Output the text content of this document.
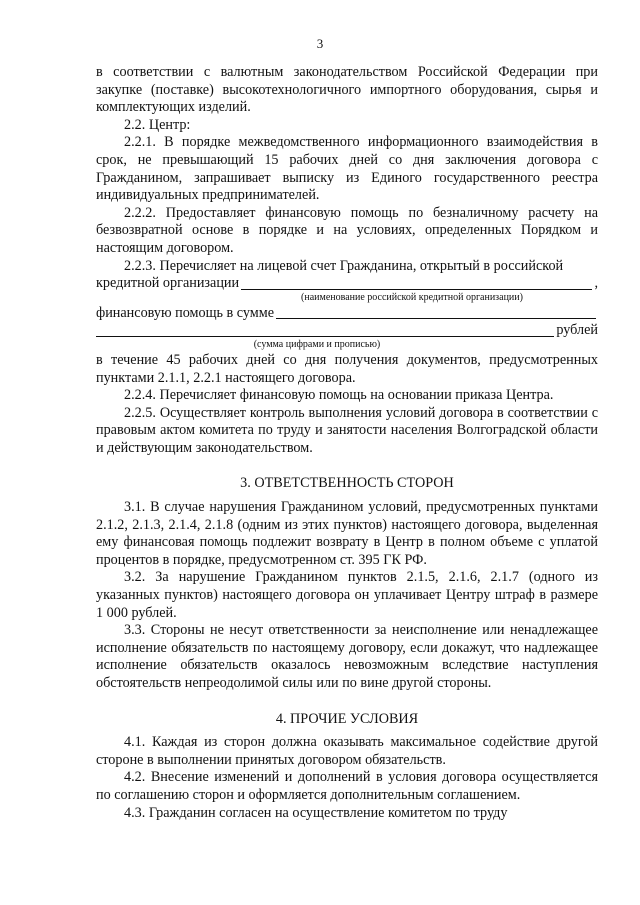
3

в соответствии с валютным законодательством Российской Федерации при закупке (поставке) высокотехнологичного импортного оборудования, сырья и комплектующих изделий.

2.2. Центр:

2.2.1. В порядке межведомственного информационного взаимодействия в срок, не превышающий 15 рабочих дней со дня заключения договора с Гражданином, запрашивает выписку из Единого государственного реестра индивидуальных предпринимателей.

2.2.2. Предоставляет финансовую помощь по безналичному расчету на безвозвратной основе в порядке и на условиях, определенных Порядком и настоящим договором.

2.2.3. Перечисляет на лицевой счет Гражданина, открытый в российской

кредитной организации	,
(наименование российской кредитной организации)
финансовую помощь в сумме
рублей
(сумма цифрами и прописью)

в течение 45 рабочих дней со дня получения документов, предусмотренных пунктами 2.1.1, 2.2.1 настоящего договора.

2.2.4. Перечисляет финансовую помощь на основании приказа Центра.

2.2.5. Осуществляет контроль выполнения условий договора в соответствии с правовым актом комитета по труду и занятости населения Волгоградской области и действующим законодательством.

3. ОТВЕТСТВЕННОСТЬ СТОРОН

3.1. В случае нарушения Гражданином условий, предусмотренных пунктами 2.1.2, 2.1.3, 2.1.4, 2.1.8 (одним из этих пунктов) настоящего договора, выделенная ему финансовая помощь подлежит возврату в Центр в полном объеме с уплатой процентов в порядке, предусмотренном ст. 395 ГК РФ.

3.2. За нарушение Гражданином пунктов 2.1.5, 2.1.6, 2.1.7 (одного из указанных пунктов) настоящего договора он уплачивает Центру штраф в размере 1 000 рублей.

3.3. Стороны не несут ответственности за неисполнение или ненадлежащее исполнение обязательств по настоящему договору, если докажут, что надлежащее исполнение обязательств оказалось невозможным вследствие наступления обстоятельств непреодолимой силы или по вине другой стороны.

4. ПРОЧИЕ УСЛОВИЯ

4.1. Каждая из сторон должна оказывать максимальное содействие другой стороне в выполнении принятых договором обязательств.

4.2. Внесение изменений и дополнений в условия договора осуществляется по соглашению сторон и оформляется дополнительным соглашением.

4.3. Гражданин согласен на осуществление комитетом по труду
